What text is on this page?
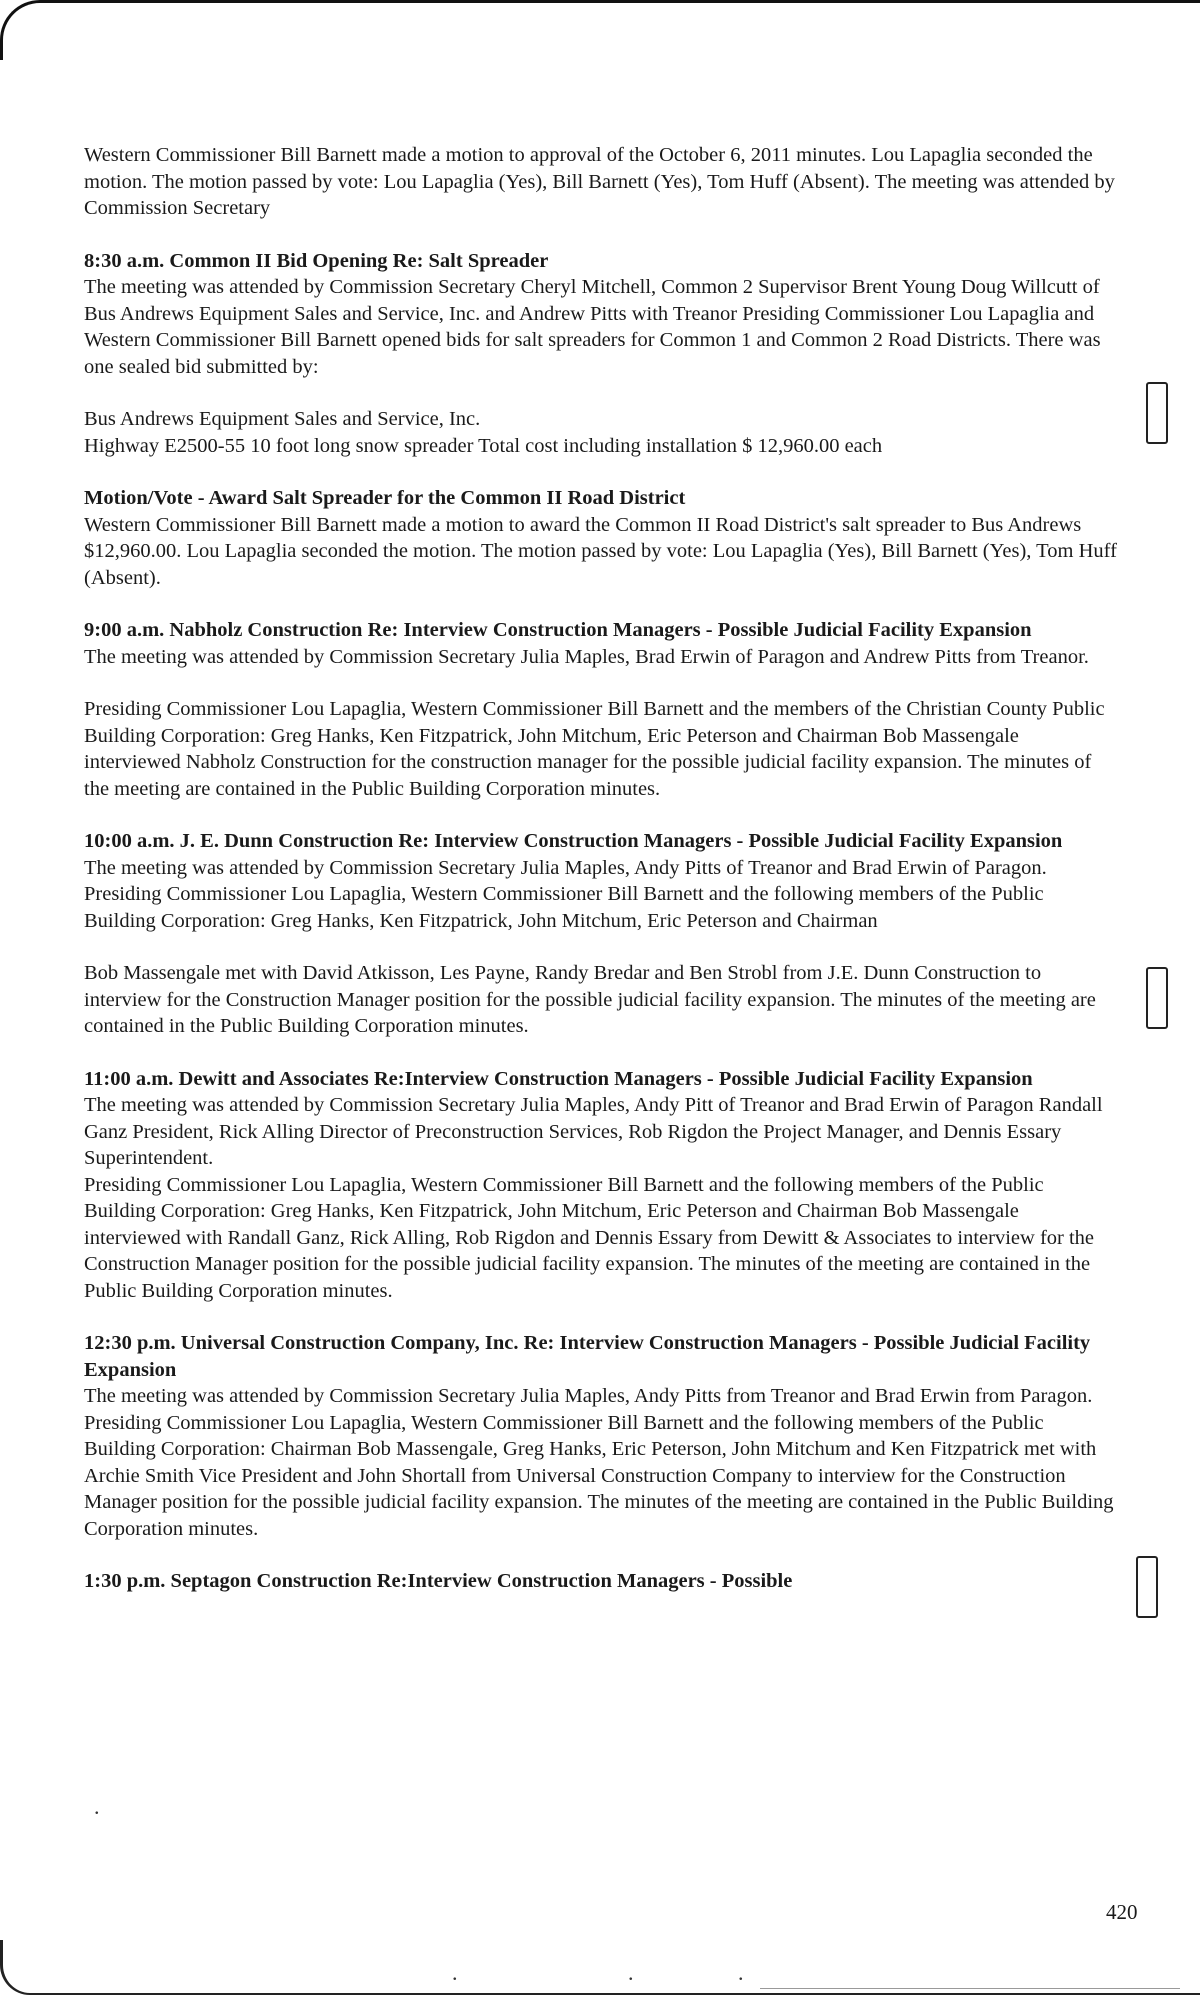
Western Commissioner Bill Barnett made a motion to approval of the October 6, 2011 minutes. Lou Lapaglia seconded the motion. The motion passed by vote: Lou Lapaglia (Yes), Bill Barnett (Yes), Tom Huff (Absent). The meeting was attended by Commission Secretary

8:30 a.m. Common II Bid Opening Re: Salt Spreader

The meeting was attended by Commission Secretary Cheryl Mitchell, Common 2 Supervisor Brent Young Doug Willcutt of Bus Andrews Equipment Sales and Service, Inc. and Andrew Pitts with Treanor Presiding Commissioner Lou Lapaglia and Western Commissioner Bill Barnett opened bids for salt spreaders for Common 1 and Common 2 Road Districts. There was one sealed bid submitted by:

Bus Andrews Equipment Sales and Service, Inc.

Highway E2500-55 10 foot long snow spreader Total cost including installation $ 12,960.00 each

Motion/Vote - Award Salt Spreader for the Common II Road District

Western Commissioner Bill Barnett made a motion to award the Common II Road District's salt spreader to Bus Andrews $12,960.00. Lou Lapaglia seconded the motion. The motion passed by vote: Lou Lapaglia (Yes), Bill Barnett (Yes), Tom Huff (Absent).

9:00 a.m. Nabholz Construction Re: Interview Construction Managers - Possible Judicial Facility Expansion

The meeting was attended by Commission Secretary Julia Maples, Brad Erwin of Paragon and Andrew Pitts from Treanor.

Presiding Commissioner Lou Lapaglia, Western Commissioner Bill Barnett and the members of the Christian County Public Building Corporation: Greg Hanks, Ken Fitzpatrick, John Mitchum, Eric Peterson and Chairman Bob Massengale interviewed Nabholz Construction for the construction manager for the possible judicial facility expansion. The minutes of the meeting are contained in the Public Building Corporation minutes.

10:00 a.m. J. E. Dunn Construction Re: Interview Construction Managers - Possible Judicial Facility Expansion

The meeting was attended by Commission Secretary Julia Maples, Andy Pitts of Treanor and Brad Erwin of Paragon.

Presiding Commissioner Lou Lapaglia, Western Commissioner Bill Barnett and the following members of the Public Building Corporation: Greg Hanks, Ken Fitzpatrick, John Mitchum, Eric Peterson and Chairman

Bob Massengale met with David Atkisson, Les Payne, Randy Bredar and Ben Strobl from J.E. Dunn Construction to interview for the Construction Manager position for the possible judicial facility expansion. The minutes of the meeting are contained in the Public Building Corporation minutes.

11:00 a.m. Dewitt and Associates Re:Interview Construction Managers - Possible Judicial Facility Expansion

The meeting was attended by Commission Secretary Julia Maples, Andy Pitt of Treanor and Brad Erwin of Paragon Randall Ganz President, Rick Alling Director of Preconstruction Services, Rob Rigdon the Project Manager, and Dennis Essary Superintendent.

Presiding Commissioner Lou Lapaglia, Western Commissioner Bill Barnett and the following members of the Public Building Corporation: Greg Hanks, Ken Fitzpatrick, John Mitchum, Eric Peterson and Chairman Bob Massengale interviewed with Randall Ganz, Rick Alling, Rob Rigdon and Dennis Essary from Dewitt & Associates to interview for the Construction Manager position for the possible judicial facility expansion. The minutes of the meeting are contained in the Public Building Corporation minutes.

12:30 p.m. Universal Construction Company, Inc. Re: Interview Construction Managers - Possible Judicial Facility Expansion

The meeting was attended by Commission Secretary Julia Maples, Andy Pitts from Treanor and Brad Erwin from Paragon.

Presiding Commissioner Lou Lapaglia, Western Commissioner Bill Barnett and the following members of the Public Building Corporation: Chairman Bob Massengale, Greg Hanks, Eric Peterson, John Mitchum and Ken Fitzpatrick met with Archie Smith Vice President and John Shortall from Universal Construction Company to interview for the Construction Manager position for the possible judicial facility expansion. The minutes of the meeting are contained in the Public Building Corporation minutes.

1:30 p.m. Septagon Construction Re:Interview Construction Managers - Possible

.
.	.	.
420
